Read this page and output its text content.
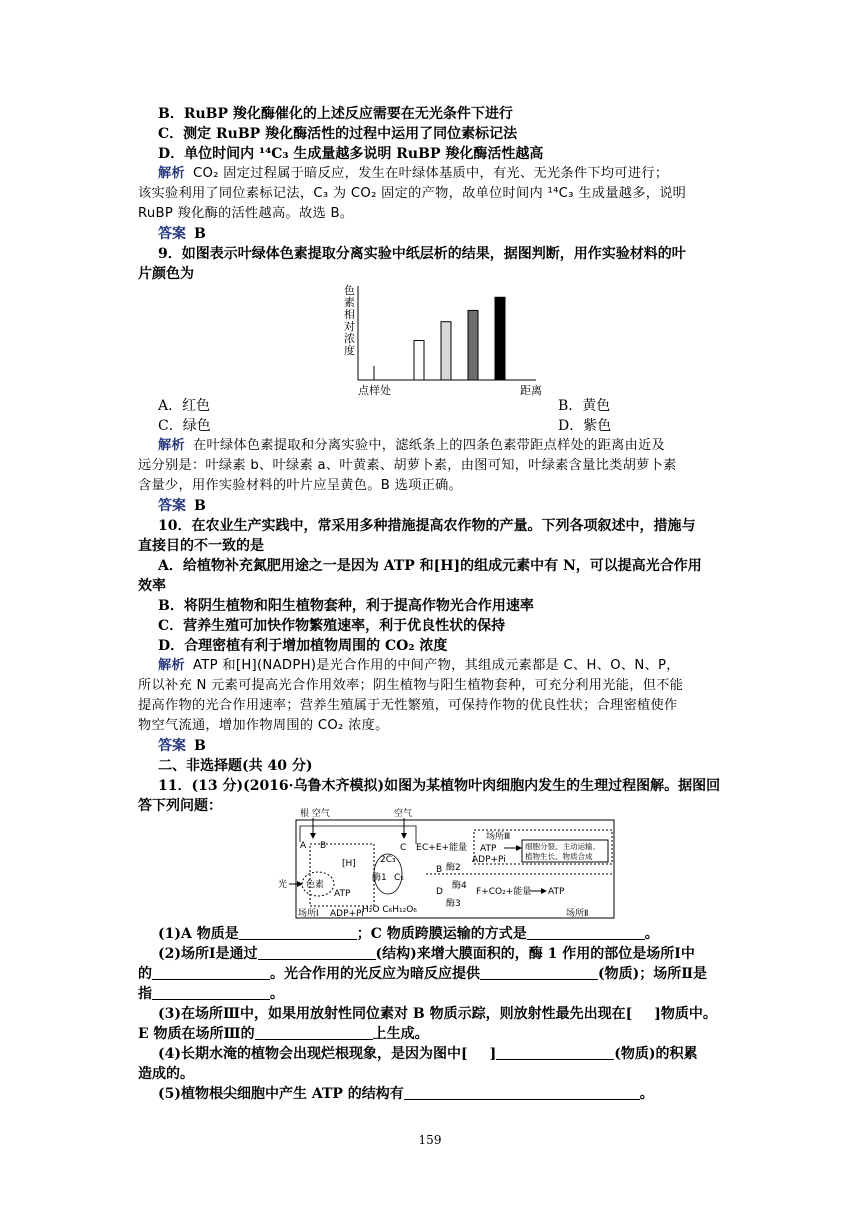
B．RuBP 羧化酶催化的上述反应需要在无光条件下进行
C．测定 RuBP 羧化酶活性的过程中运用了同位素标记法
D．单位时间内 ¹⁴C₃ 生成量越多说明 RuBP 羧化酶活性越高
解析 CO₂ 固定过程属于暗反应，发生在叶绿体基质中，有光、无光条件下均可进行；
该实验利用了同位素标记法，C₃ 为 CO₂ 固定的产物，故单位时间内 ¹⁴C₃ 生成量越多，说明
RuBP 羧化酶的活性越高。故选 B。
答案 B
9．如图表示叶绿体色素提取分离实验中纸层析的结果，据图判断，用作实验材料的叶
片颜色为
色
素
相
对
浓
度
点样处	距离
A．红色	B．黄色
C．绿色	D．紫色
解析 在叶绿体色素提取和分离实验中，滤纸条上的四条色素带距点样处的距离由近及
远分别是：叶绿素 b、叶绿素 a、叶黄素、胡萝卜素，由图可知，叶绿素含量比类胡萝卜素
含量少，用作实验材料的叶片应呈黄色。B 选项正确。
答案 B
10．在农业生产实践中，常采用多种措施提高农作物的产量。下列各项叙述中，措施与
直接目的不一致的是
A．给植物补充氮肥用途之一是因为 ATP 和[H]的组成元素中有 N，可以提高光合作用
效率
B．将阴生植物和阳生植物套种，利于提高作物光合作用速率
C．营养生殖可加快作物繁殖速率，利于优良性状的保持
D．合理密植有利于增加植物周围的 CO₂ 浓度
解析 ATP 和[H](NADPH)是光合作用的中间产物，其组成元素都是 C、H、O、N、P，
所以补充 N 元素可提高光合作用效率；阴生植物与阳生植物套种，可充分利用光能，但不能
提高作物的光合作用速率；营养生殖属于无性繁殖，可保持作物的优良性状；合理密植使作
物空气流通，增加作物周围的 CO₂ 浓度。
答案 B
二、非选择题(共 40 分)
11．(13 分)(2016·乌鲁木齐模拟)如图为某植物叶肉细胞内发生的生理过程图解。据图回
答下列问题：	根 空气	空气
A B
色素
光
[H]
ATP
ADP+Pi
2C₃
酶1 C₅
H₂O C₆H₁₂O₆
C E C+E+能量
B 酶2
D
酶4
酶3
场所Ⅲ
ATP
ADP+Pi
细胞分裂、主动运输、
植物生长、物质合成
F+CO₂+能量 ATP
场所Ⅰ	场所Ⅱ
(1)A 物质是	；C 物质跨膜运输的方式是	。
(2)场所Ⅰ是通过	(结构)来增大膜面积的，酶 1 作用的部位是场所Ⅰ中
的	。光合作用的光反应为暗反应提供	(物质)；场所Ⅱ是
指	。
(3)在场所Ⅲ中，如果用放射性同位素对 B 物质示踪，则放射性最先出现在[ ]物质中。
E 物质在场所Ⅲ的	上生成。
(4)长期水淹的植物会出现烂根现象，是因为图中[ ]	(物质)的积累
造成的。
(5)植物根尖细胞中产生 ATP 的结构有	。
159
